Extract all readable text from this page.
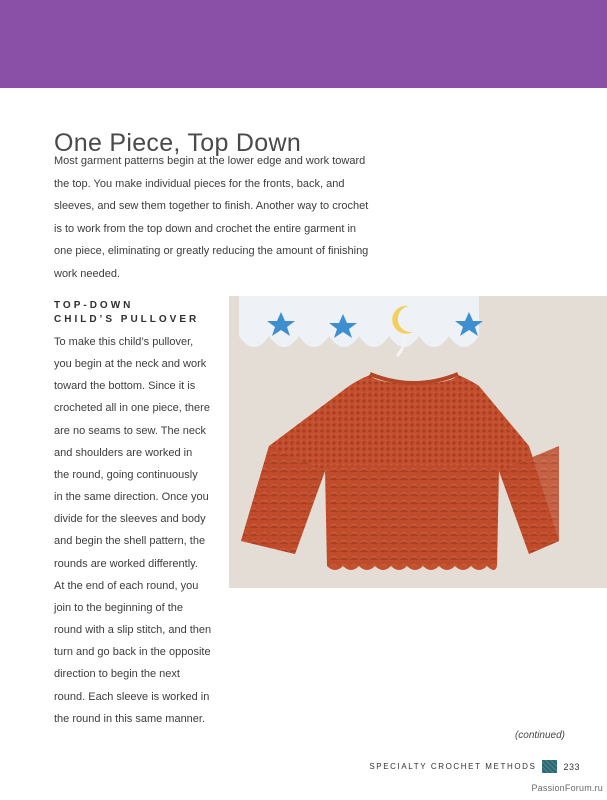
One Piece, Top Down

Most garment patterns begin at the lower edge and work toward

the top. You make individual pieces for the fronts, back, and

sleeves, and sew them together to finish. Another way to crochet

is to work from the top down and crochet the entire garment in

one piece, eliminating or greatly reducing the amount of finishing

work needed.

TOP-DOWN
CHILD’S PULLOVER

To make this child’s pullover,

you begin at the neck and work

toward the bottom. Since it is

crocheted all in one piece, there

are no seams to sew. The neck

and shoulders are worked in

the round, going continuously

in the same direction. Once you

divide for the sleeves and body

and begin the shell pattern, the

rounds are worked differently.

At the end of each round, you

join to the beginning of the

round with a slip stitch, and then

turn and go back in the opposite

direction to begin the next

round. Each sleeve is worked in

the round in this same manner.

(continued)
SPECIALTY CROCHET METHODS	233
PassionForum.ru
